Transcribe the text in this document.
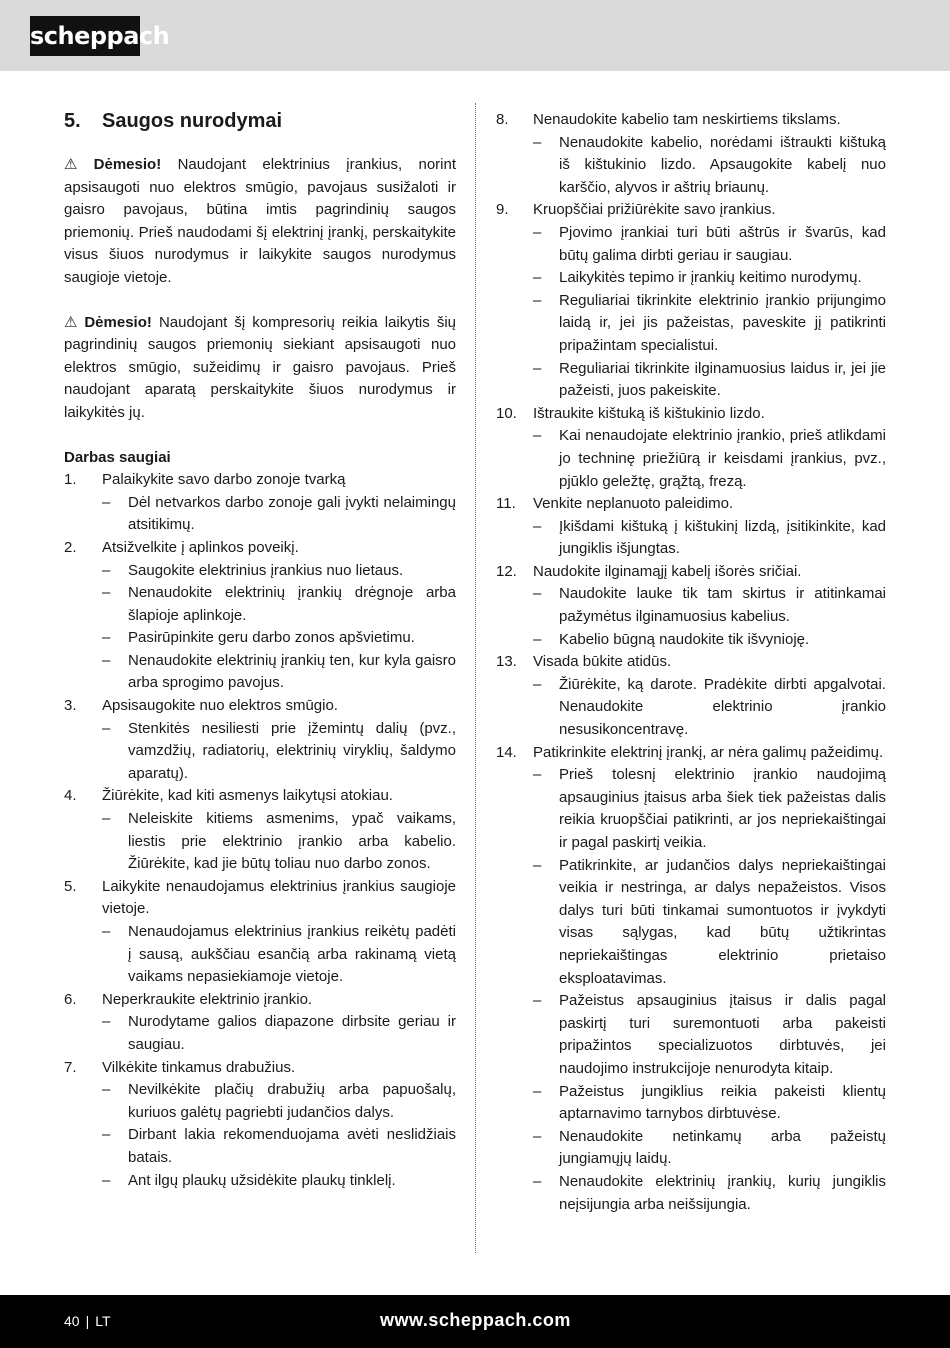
scheppach
5.	Saugos nurodymai

⚠ Dėmesio! Naudojant elektrinius įrankius, norint apsisaugoti nuo elektros smūgio, pavojaus susižaloti ir gaisro pavojaus, būtina imtis pagrindinių saugos priemonių. Prieš naudodami šį elektrinį įrankį, perskaitykite visus šiuos nurodymus ir laikykite saugos nurodymus saugioje vietoje.

⚠ Dėmesio! Naudojant šį kompresorių reikia laikytis šių pagrindinių saugos priemonių siekiant apsisaugoti nuo elektros smūgio, sužeidimų ir gaisro pavojaus. Prieš naudojant aparatą perskaitykite šiuos nurodymus ir laikykitės jų.

Darbas saugiai
1.	Palaikykite savo darbo zonoje tvarką
–	Dėl netvarkos darbo zonoje gali įvykti nelaimingų atsitikimų.
2.	Atsižvelkite į aplinkos poveikį.
–	Saugokite elektrinius įrankius nuo lietaus.
–	Nenaudokite elektrinių įrankių drėgnoje arba šlapioje aplinkoje.
–	Pasirūpinkite geru darbo zonos apšvietimu.
–	Nenaudokite elektrinių įrankių ten, kur kyla gaisro arba sprogimo pavojus.
3.	Apsisaugokite nuo elektros smūgio.
–	Stenkitės nesiliesti prie įžemintų dalių (pvz., vamzdžių, radiatorių, elektrinių viryklių, šaldymo aparatų).
4.	Žiūrėkite, kad kiti asmenys laikytųsi atokiau.
–	Neleiskite kitiems asmenims, ypač vaikams, liestis prie elektrinio įrankio arba kabelio. Žiūrėkite, kad jie būtų toliau nuo darbo zonos.
5.	Laikykite nenaudojamus elektrinius įrankius saugioje vietoje.
–	Nenaudojamus elektrinius įrankius reikėtų padėti į sausą, aukščiau esančią arba rakinamą vietą vaikams nepasiekiamoje vietoje.
6.	Neperkraukite elektrinio įrankio.
–	Nurodytame galios diapazone dirbsite geriau ir saugiau.
7.	Vilkėkite tinkamus drabužius.
–	Nevilkėkite plačių drabužių arba papuošalų, kuriuos galėtų pagriebti judančios dalys.
–	Dirbant lakia rekomenduojama avėti neslidžiais batais.
–	Ant ilgų plaukų užsidėkite plaukų tinklelį.
8.	Nenaudokite kabelio tam neskirtiems tikslams.
–	Nenaudokite kabelio, norėdami ištraukti kištuką iš kištukinio lizdo. Apsaugokite kabelį nuo karščio, alyvos ir aštrių briaunų.
9.	Kruopščiai prižiūrėkite savo įrankius.
–	Pjovimo įrankiai turi būti aštrūs ir švarūs, kad būtų galima dirbti geriau ir saugiau.
–	Laikykitės tepimo ir įrankių keitimo nurodymų.
–	Reguliariai tikrinkite elektrinio įrankio prijungimo laidą ir, jei jis pažeistas, paveskite jį patikrinti pripažintam specialistui.
–	Reguliariai tikrinkite ilginamuosius laidus ir, jei jie pažeisti, juos pakeiskite.
10.	Ištraukite kištuką iš kištukinio lizdo.
–	Kai nenaudojate elektrinio įrankio, prieš atlikdami jo techninę priežiūrą ir keisdami įrankius, pvz., pjūklo geležtę, grąžtą, frezą.
11.	Venkite neplanuoto paleidimo.
–	Įkišdami kištuką į kištukinį lizdą, įsitikinkite, kad jungiklis išjungtas.
12.	Naudokite ilginamąjį kabelį išorės sričiai.
–	Naudokite lauke tik tam skirtus ir atitinkamai pažymėtus ilginamuosius kabelius.
–	Kabelio būgną naudokite tik išvynioję.
13.	Visada būkite atidūs.
–	Žiūrėkite, ką darote. Pradėkite dirbti apgalvotai. Nenaudokite elektrinio įrankio nesusikoncentravę.
14.	Patikrinkite elektrinį įrankį, ar nėra galimų pažeidimų.
–	Prieš tolesnį elektrinio įrankio naudojimą apsauginius įtaisus arba šiek tiek pažeistas dalis reikia kruopščiai patikrinti, ar jos nepriekaištingai ir pagal paskirtį veikia.
–	Patikrinkite, ar judančios dalys nepriekaištingai veikia ir nestringa, ar dalys nepažeistos. Visos dalys turi būti tinkamai sumontuotos ir įvykdyti visas sąlygas, kad būtų užtikrintas nepriekaištingas elektrinio prietaiso eksploatavimas.
–	Pažeistus apsauginius įtaisus ir dalis pagal paskirtį turi suremontuoti arba pakeisti pripažintos specializuotos dirbtuvės, jei naudojimo instrukcijoje nenurodyta kitaip.
–	Pažeistus jungiklius reikia pakeisti klientų aptarnavimo tarnybos dirbtuvėse.
–	Nenaudokite netinkamų arba pažeistų jungiamųjų laidų.
–	Nenaudokite elektrinių įrankių, kurių jungiklis neįsijungia arba neišsijungia.
40 | LT	www.scheppach.com
